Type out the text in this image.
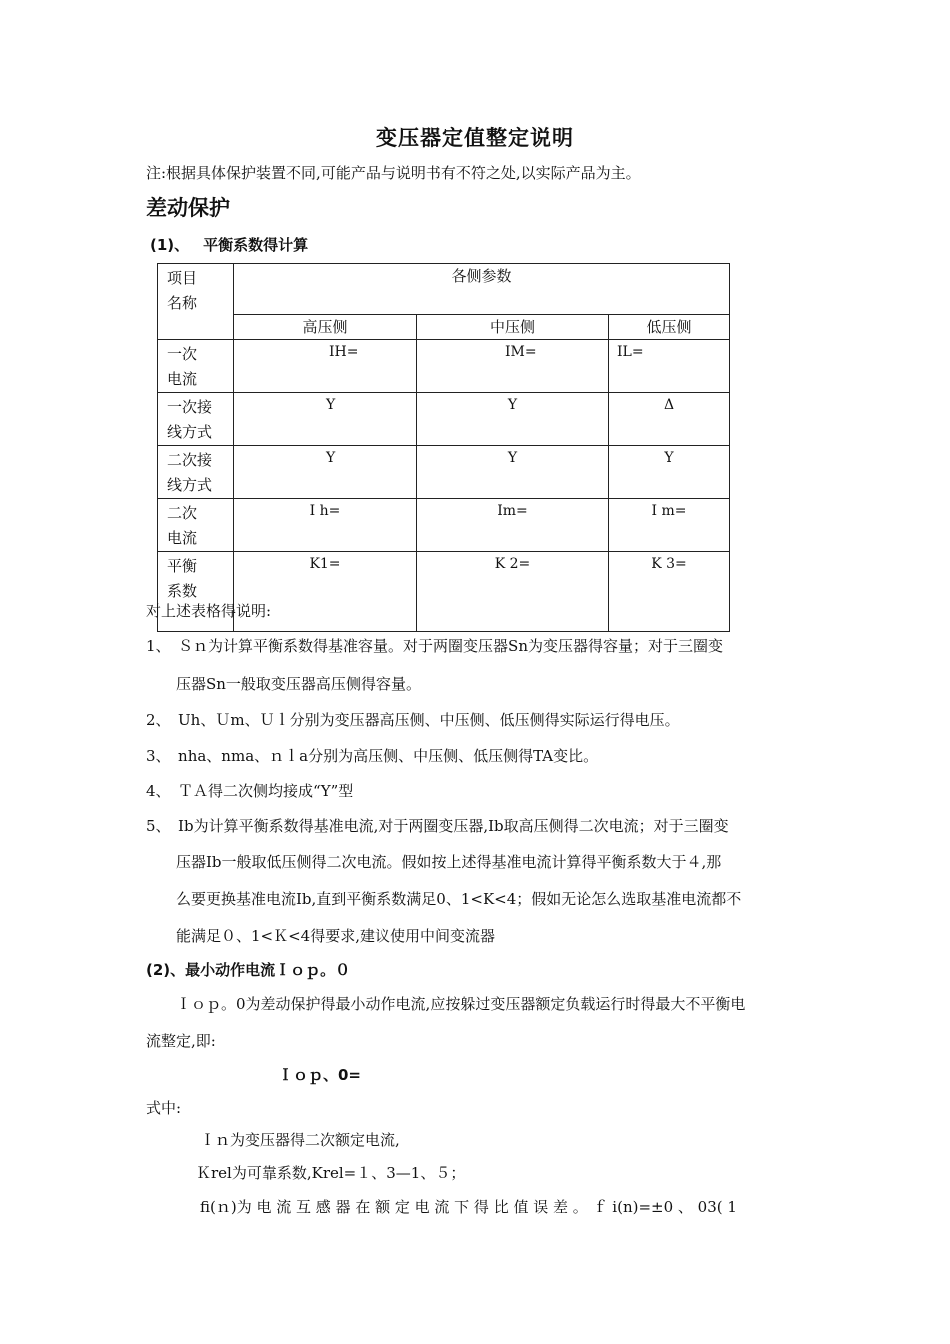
变压器定值整定说明
注:根据具体保护装置不同,可能产品与说明书有不符之处,以实际产品为主。
差动保护
(1)、 平衡系数得计算
项目
名称	各侧参数		
	高压侧	中压侧	低压侧

一次
电流	IH=	IM=	IL=

一次接
线方式	Y	Y	Δ

二次接
线方式	Y	Y	Y

二次
电流	I h=	Im=	I m=

平衡
系数	K1=	K 2=	K 3=
对上述表格得说明:
1、　Ｓｎ为计算平衡系数得基准容量。对于两圈变压器Sn为变压器得容量；对于三圈变
压器Sn一般取变压器高压侧得容量。
2、　Uh、Ｕm、Ｕｌ分别为变压器高压侧、中压侧、低压侧得实际运行得电压。
3、　nha、nma、ｎｌa分别为高压侧、中压侧、低压侧得TA变比。
4、　ＴＡ得二次侧均接成“Y”型
5、　Ib为计算平衡系数得基准电流,对于两圈变压器,Ib取高压侧得二次电流；对于三圈变
压器Ib一般取低压侧得二次电流。假如按上述得基准电流计算得平衡系数大于４,那
么要更换基准电流Ib,直到平衡系数满足0、1<K<4；假如无论怎么选取基准电流都不
能满足０、1<Ｋ<4得要求,建议使用中间变流器
(2)、最小动作电流Ｉｏｐ。０
Ｉｏｐ。0为差动保护得最小动作电流,应按躲过变压器额定负载运行时得最大不平衡电
流整定,即:
Ｉｏｐ、0=
式中:
Ｉｎ为变压器得二次额定电流,
Ｋrel为可靠系数,Krel=１、3—1、５；
fi(ｎ)为 电 流 互 感 器 在 额 定 电 流 下 得 比 值 误 差 。 ｆ i(n)=±0 、 03( 1
